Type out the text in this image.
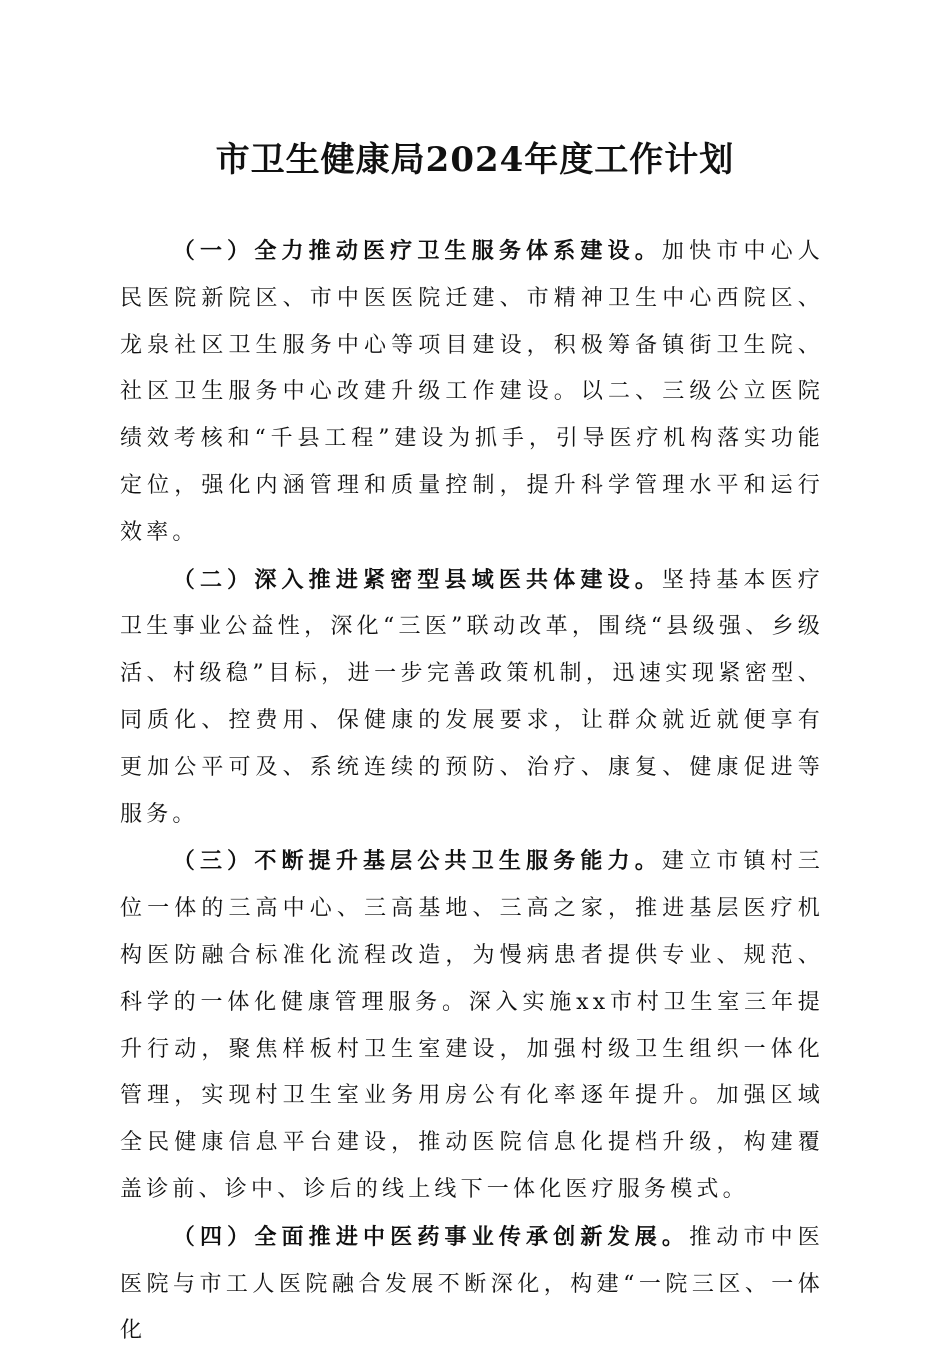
市卫生健康局2024年度工作计划

（一）全力推动医疗卫生服务体系建设。加快市中心人民医院新院区、市中医医院迁建、市精神卫生中心西院区、龙泉社区卫生服务中心等项目建设，积极筹备镇街卫生院、社区卫生服务中心改建升级工作建设。以二、三级公立医院绩效考核和“千县工程”建设为抓手，引导医疗机构落实功能定位，强化内涵管理和质量控制，提升科学管理水平和运行效率。

（二）深入推进紧密型县域医共体建设。坚持基本医疗卫生事业公益性，深化“三医”联动改革，围绕“县级强、乡级活、村级稳”目标，进一步完善政策机制，迅速实现紧密型、同质化、控费用、保健康的发展要求，让群众就近就便享有更加公平可及、系统连续的预防、治疗、康复、健康促进等服务。

（三）不断提升基层公共卫生服务能力。建立市镇村三位一体的三高中心、三高基地、三高之家，推进基层医疗机构医防融合标准化流程改造，为慢病患者提供专业、规范、科学的一体化健康管理服务。深入实施xx市村卫生室三年提升行动，聚焦样板村卫生室建设，加强村级卫生组织一体化管理，实现村卫生室业务用房公有化率逐年提升。加强区域全民健康信息平台建设，推动医院信息化提档升级，构建覆盖诊前、诊中、诊后的线上线下一体化医疗服务模式。

（四）全面推进中医药事业传承创新发展。推动市中医医院与市工人医院融合发展不断深化，构建“一院三区、一体化
